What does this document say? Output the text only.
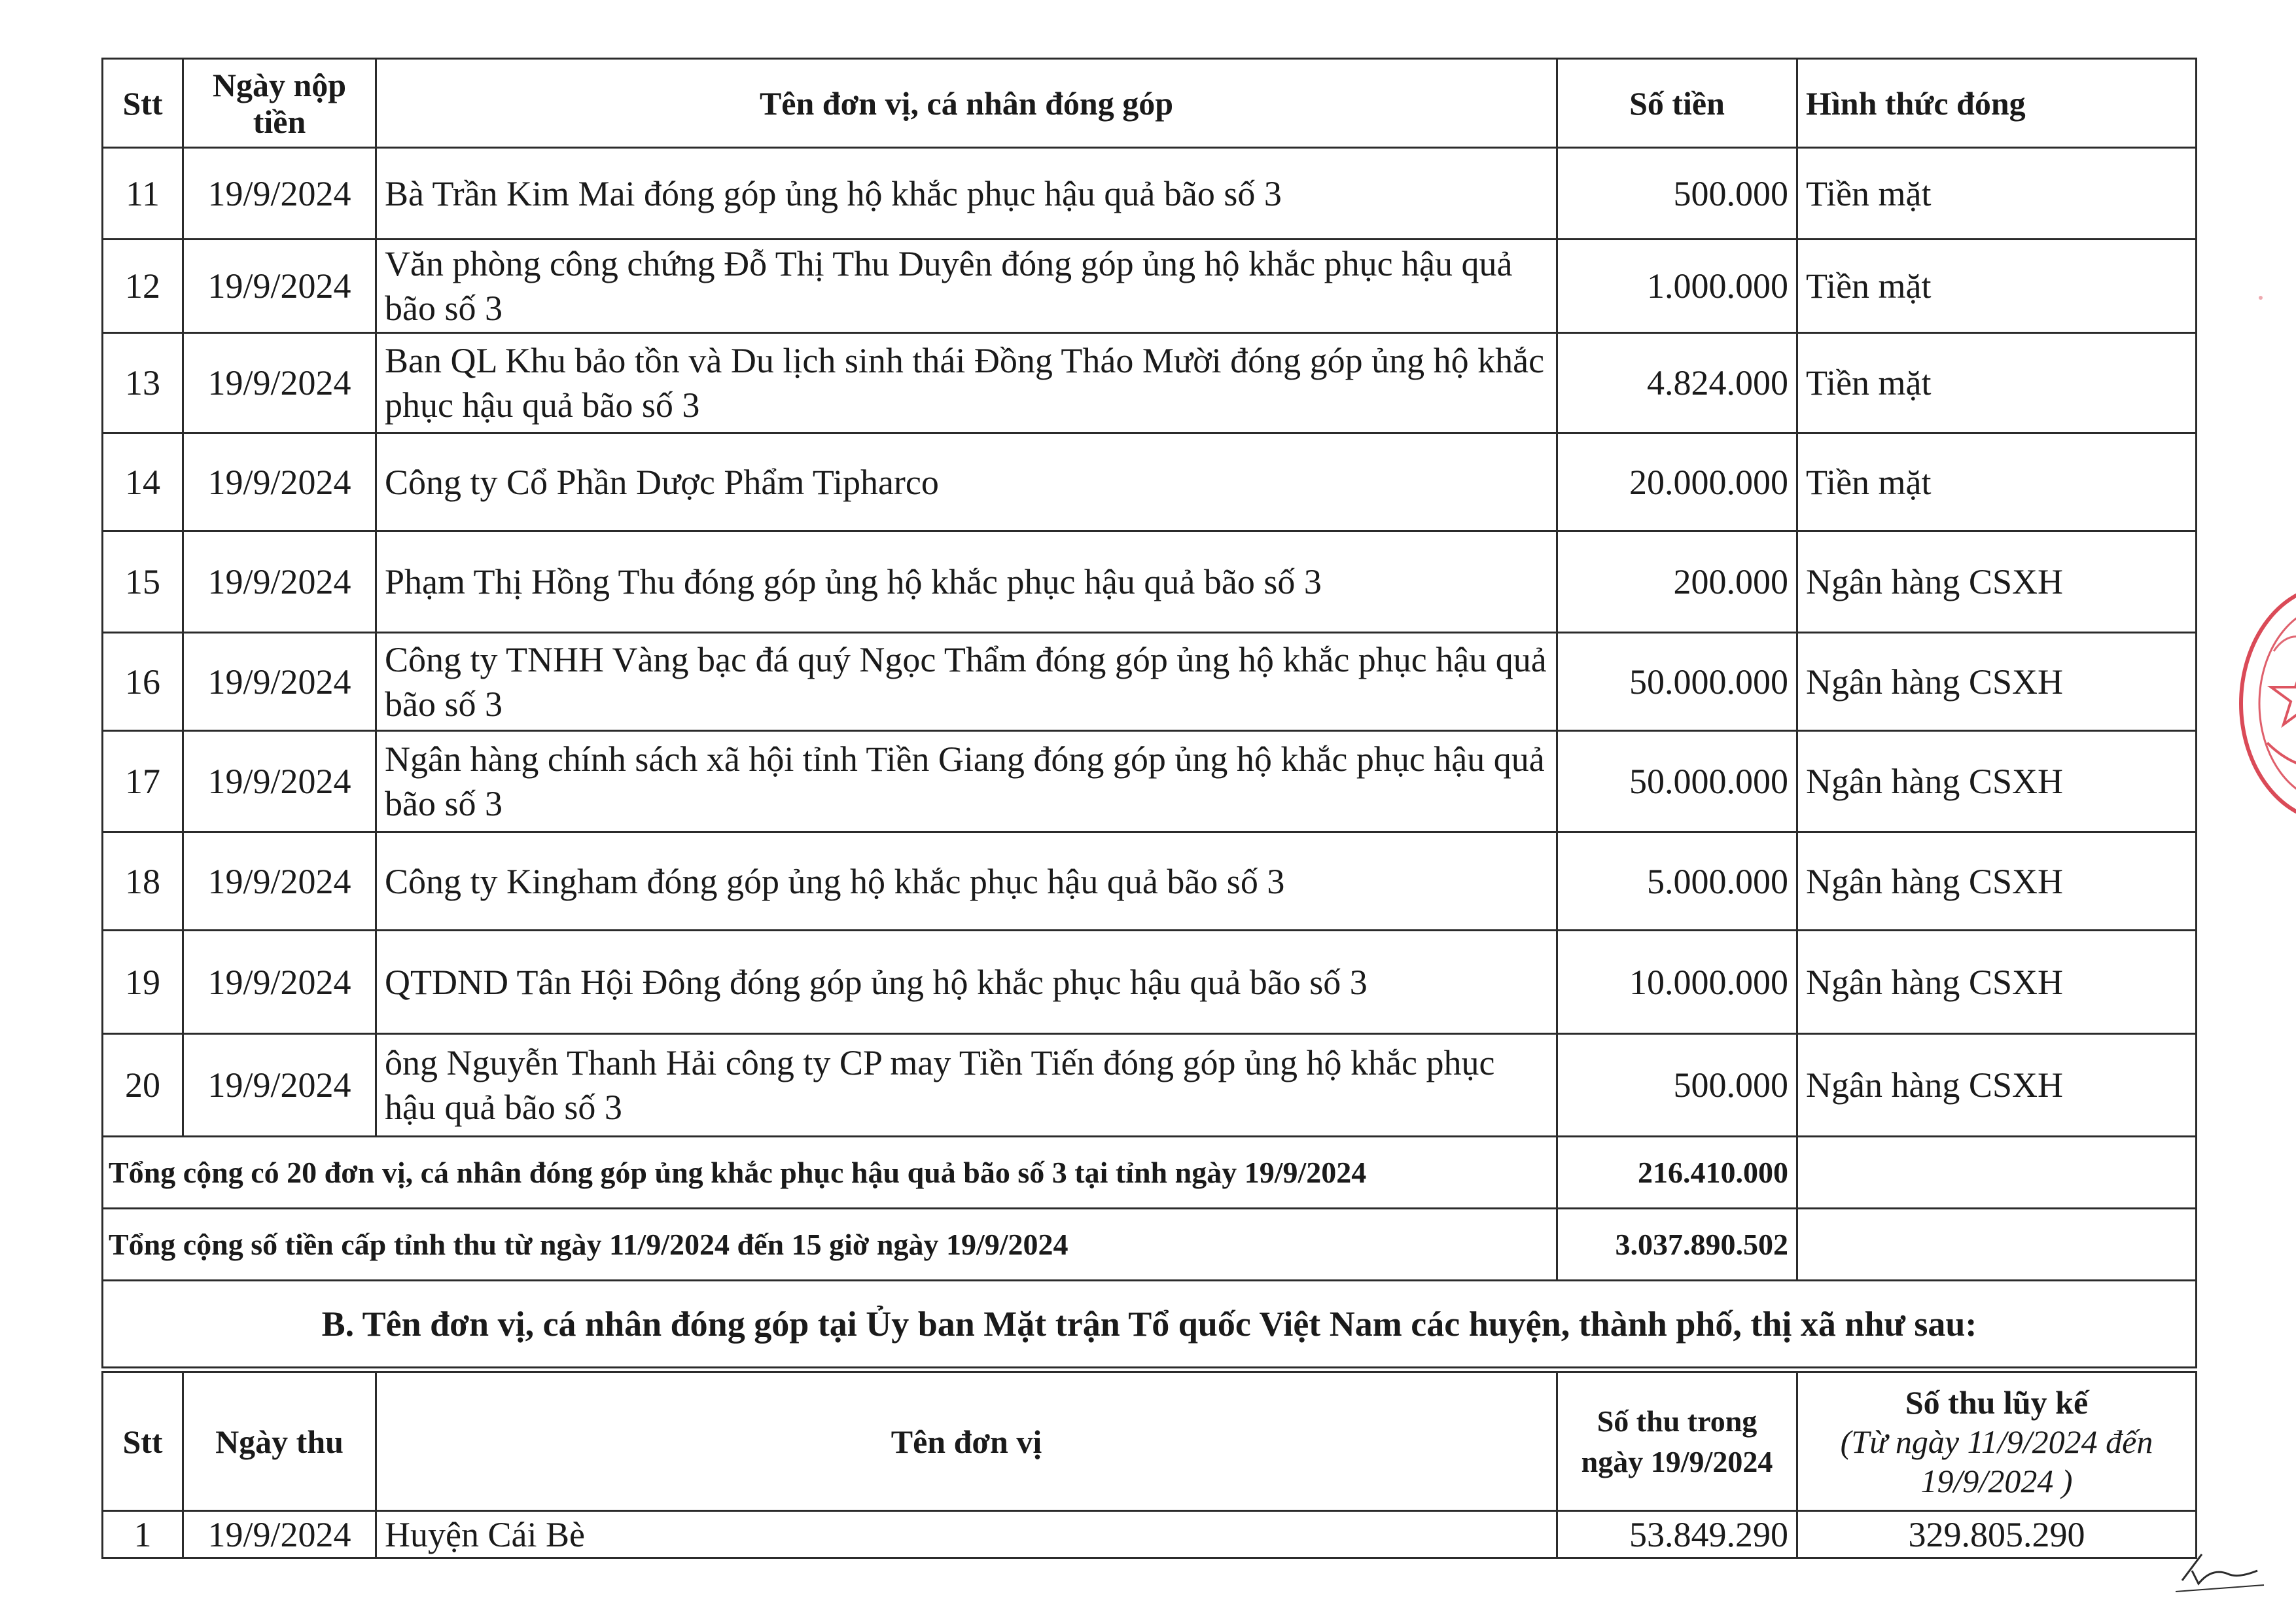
Stt	Ngày nộp tiền	Tên đơn vị, cá nhân đóng góp	Số tiền	Hình thức đóng
11	19/9/2024	Bà Trần Kim Mai đóng góp ủng hộ khắc phục hậu quả bão số 3	500.000	Tiền mặt
12	19/9/2024	Văn phòng công chứng Đỗ Thị Thu Duyên đóng góp ủng hộ khắc phục hậu quả bão số 3	1.000.000	Tiền mặt
13	19/9/2024	Ban QL Khu bảo tồn và Du lịch sinh thái Đồng Tháo Mười đóng góp ủng hộ khắc phục hậu quả bão số 3	4.824.000	Tiền mặt
14	19/9/2024	Công ty Cổ Phần Dược Phẩm Tipharco	20.000.000	Tiền mặt
15	19/9/2024	Phạm Thị Hồng Thu đóng góp ủng hộ khắc phục hậu quả bão số 3	200.000	Ngân hàng CSXH
16	19/9/2024	Công ty TNHH Vàng bạc đá quý Ngọc Thẩm đóng góp ủng hộ khắc phục hậu quả bão số 3	50.000.000	Ngân hàng CSXH
17	19/9/2024	Ngân hàng chính sách xã hội tỉnh Tiền Giang đóng góp ủng hộ khắc phục hậu quả bão số 3	50.000.000	Ngân hàng CSXH
18	19/9/2024	Công ty Kingham đóng góp ủng hộ khắc phục hậu quả bão số 3	5.000.000	Ngân hàng CSXH
19	19/9/2024	QTDND Tân Hội Đông đóng góp ủng hộ khắc phục hậu quả bão số 3	10.000.000	Ngân hàng CSXH
20	19/9/2024	ông Nguyễn Thanh Hải công ty CP may Tiền Tiến đóng góp ủng hộ khắc phục hậu quả bão số 3	500.000	Ngân hàng CSXH
Tổng cộng có 20 đơn vị, cá nhân đóng góp ủng khắc phục hậu quả bão số 3 tại tỉnh ngày 19/9/2024			216.410.000	
Tổng cộng số tiền cấp tỉnh thu từ ngày 11/9/2024 đến 15 giờ ngày 19/9/2024			3.037.890.502	
B. Tên đơn vị, cá nhân đóng góp tại Ủy ban Mặt trận Tổ quốc Việt Nam các huyện, thành phố, thị xã như sau:				
Stt	Ngày thu	Tên đơn vị	Số thu trong ngày 19/9/2024	Số thu lũy kế
(Từ ngày 11/9/2024 đến 19/9/2024 )

1	19/9/2024	Huyện Cái Bè	53.849.290	329.805.290
